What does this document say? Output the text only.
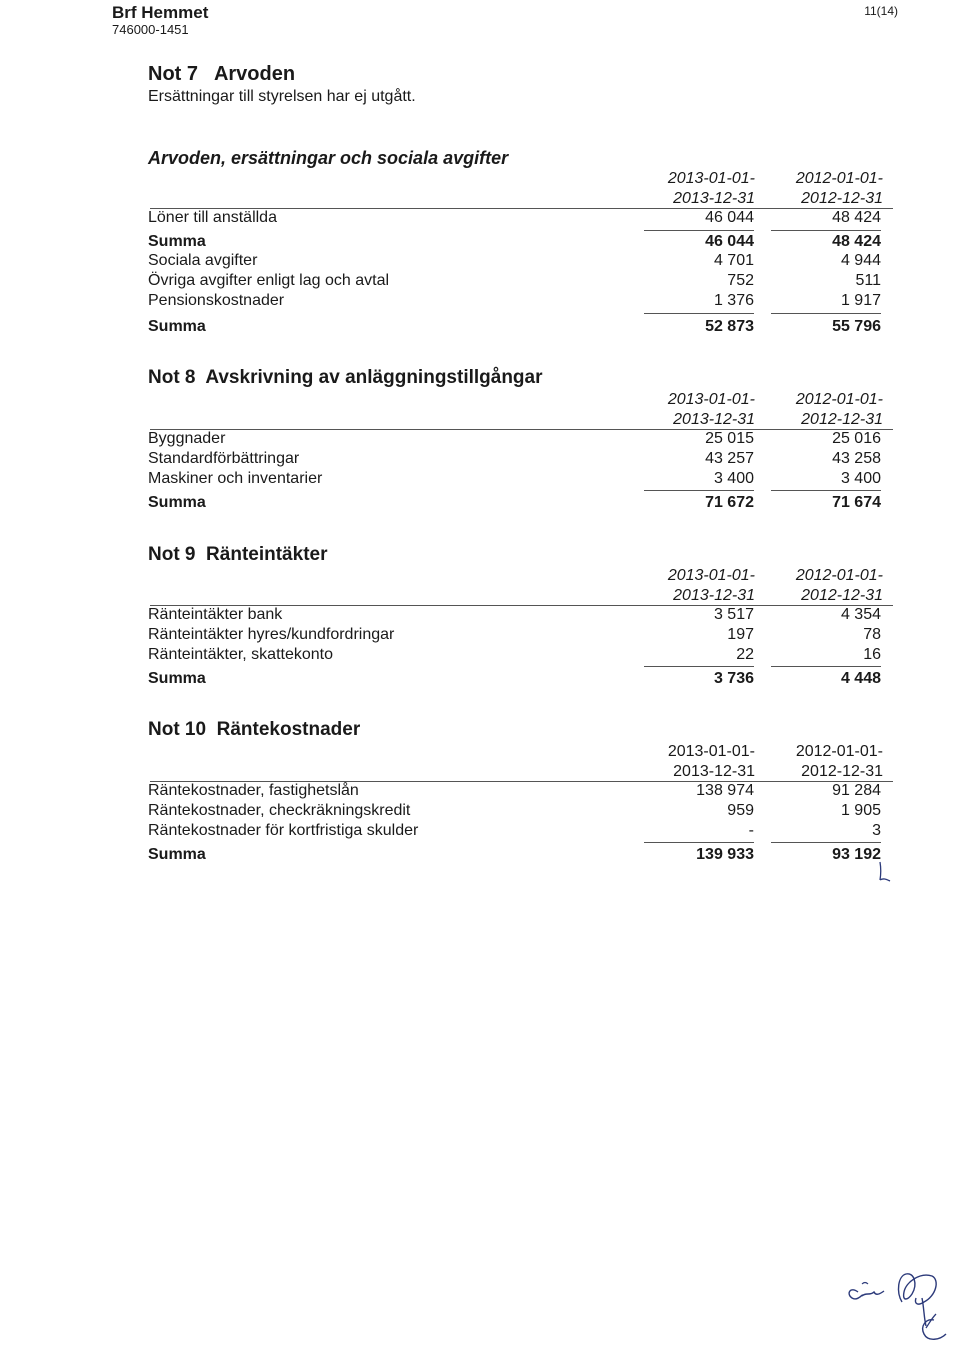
Brf Hemmet
746000-1451
11(14)
Not 7 Arvoden
Ersättningar till styrelsen har ej utgått.
Arvoden, ersättningar och sociala avgifter
2013-01-01-
2013-12-31
2012-01-01-
2012-12-31
Löner till anställda	46 044	48 424
Summa	46 044	48 424
Sociala avgifter	4 701	4 944
Övriga avgifter enligt lag och avtal	752	511
Pensionskostnader	1 376	1 917
Summa	52 873	55 796
Not 8  Avskrivning av anläggningstillgångar
2013-01-01-
2013-12-31
2012-01-01-
2012-12-31
Byggnader	25 015	25 016
Standardförbättringar	43 257	43 258
Maskiner och inventarier	3 400	3 400
Summa	71 672	71 674
Not 9  Ränteintäkter
2013-01-01-
2013-12-31
2012-01-01-
2012-12-31
Ränteintäkter bank	3 517	4 354
Ränteintäkter hyres/kundfordringar	197	78
Ränteintäkter, skattekonto	22	16
Summa	3 736	4 448
Not 10  Räntekostnader
2013-01-01-
2013-12-31
2012-01-01-
2012-12-31
Räntekostnader, fastighetslån	138 974	91 284
Räntekostnader, checkräkningskredit	959	1 905
Räntekostnader för kortfristiga skulder	-	3
Summa	139 933	93 192
